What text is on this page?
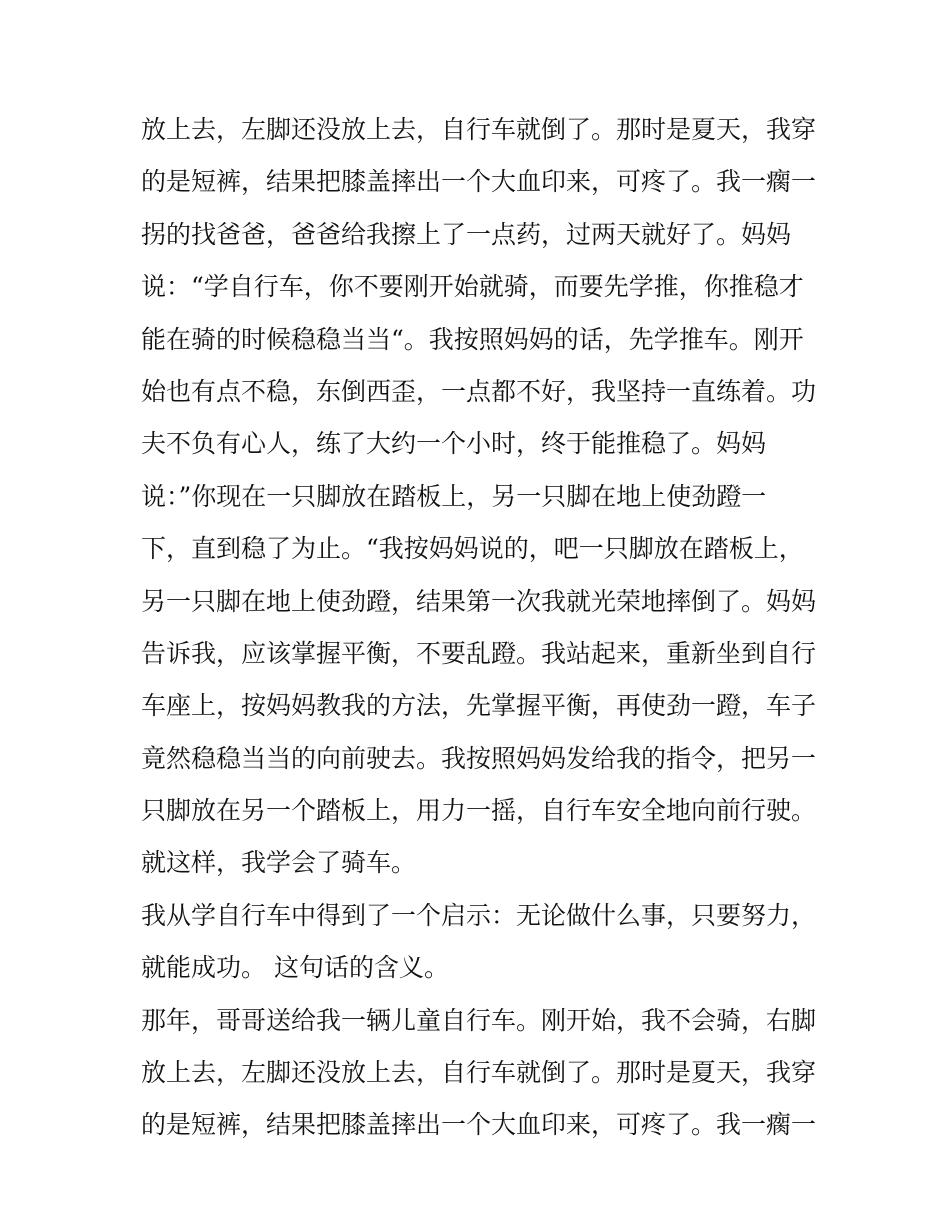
放上去，左脚还没放上去，自行车就倒了。那时是夏天，我穿
的是短裤，结果把膝盖摔出一个大血印来，可疼了。我一瘸一
拐的找爸爸，爸爸给我擦上了一点药，过两天就好了。妈妈
说：“学自行车，你不要刚开始就骑，而要先学推，你推稳才
能在骑的时候稳稳当当“。我按照妈妈的话，先学推车。刚开
始也有点不稳，东倒西歪，一点都不好，我坚持一直练着。功
夫不负有心人，练了大约一个小时，终于能推稳了。妈妈
说：”你现在一只脚放在踏板上，另一只脚在地上使劲蹬一
下，直到稳了为止。“我按妈妈说的，吧一只脚放在踏板上，
另一只脚在地上使劲蹬，结果第一次我就光荣地摔倒了。妈妈
告诉我，应该掌握平衡，不要乱蹬。我站起来，重新坐到自行
车座上，按妈妈教我的方法，先掌握平衡，再使劲一蹬，车子
竟然稳稳当当的向前驶去。我按照妈妈发给我的指令，把另一
只脚放在另一个踏板上，用力一摇，自行车安全地向前行驶。
就这样，我学会了骑车。
我从学自行车中得到了一个启示：无论做什么事，只要努力，
就能成功。 这句话的含义。
那年，哥哥送给我一辆儿童自行车。刚开始，我不会骑，右脚
放上去，左脚还没放上去，自行车就倒了。那时是夏天，我穿
的是短裤，结果把膝盖摔出一个大血印来，可疼了。我一瘸一
